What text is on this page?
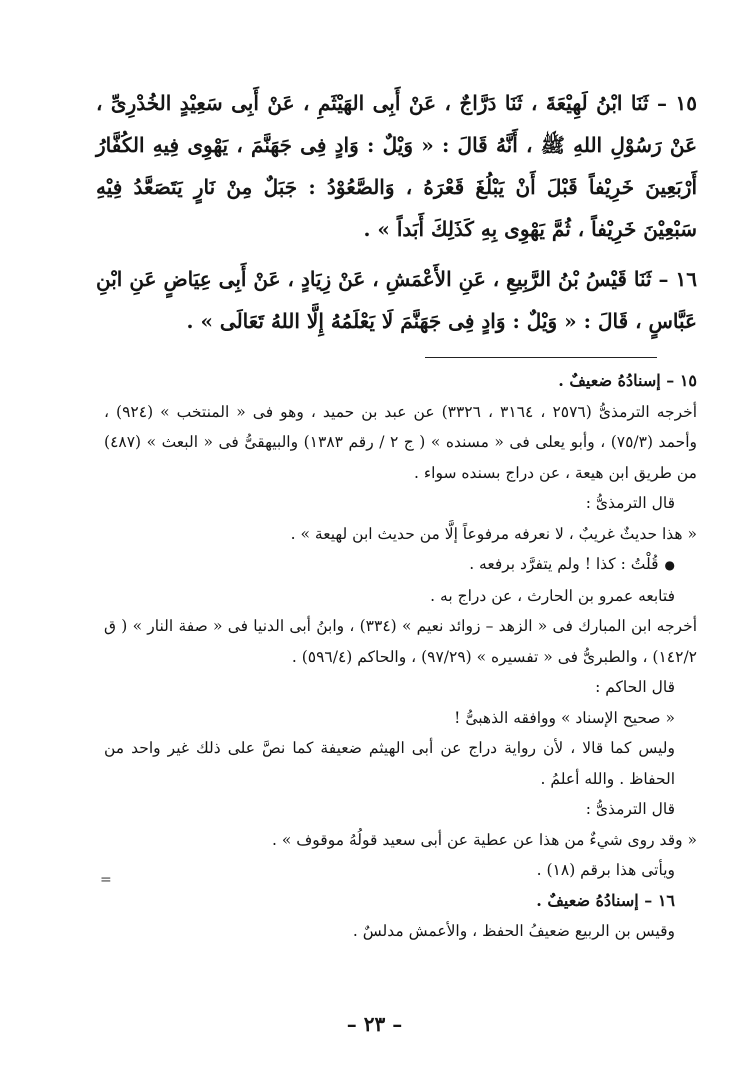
١٥ – ثَنَا ابْنُ لَهِيْعَةَ ، ثَنَا دَرَّاجٌ ، عَنْ أَبِى الهَيْثَمِ ، عَنْ أَبِى سَعِيْدٍ الخُدْرِىِّ ، عَنْ رَسُوْلِ اللهِ ﷺ ، أَنَّهُ قَالَ : « وَيْلٌ : وَادٍ فِى جَهَنَّمَ ، يَهْوِى فِيهِ الكُفَّارُ أَرْبَعِينَ خَرِيْفاً قَبْلَ أَنْ يَبْلُغَ قَعْرَهُ ، وَالصَّعُوْدُ : جَبَلٌ مِنْ نَارٍ يَتَصَعَّدُ فِيْهِ سَبْعِيْنَ خَرِيْفاً ، ثُمَّ يَهْوِى بِهِ كَذَلِكَ أَبَداً » .

١٦ – ثَنَا قَيْسُ بْنُ الرَّبِيعِ ، عَنِ الأَعْمَشِ ، عَنْ زِيَادٍ ، عَنْ أَبِى عِيَاضٍ عَنِ ابْنِ عَبَّاسٍ ، قَالَ : « وَيْلٌ : وَادٍ فِى جَهَنَّمَ لَا يَعْلَمُهُ إِلَّا اللهُ تَعَالَى » .

١٥ – إسنادُهُ ضعيفٌ .

أخرجه الترمذىُّ (٢٥٧٦ ، ٣١٦٤ ، ٣٣٢٦) عن عبد بن حميد ، وهو فى « المنتخب » (٩٢٤) ، وأحمد (٧٥/٣) ، وأبو يعلى فى « مسنده » ( ج ٢ / رقم ١٣٨٣) والبيهقىُّ فى « البعث » (٤٨٧) من طريق ابن هيعة ، عن دراج بسنده سواء .

قال الترمذىُّ :

« هذا حديثٌ غريبٌ ، لا نعرفه مرفوعاً إلَّا من حديث ابن لهيعة » .

● قُلْتُ : كذا ! ولم يتفرَّد برفعه .

فتابعه عمرو بن الحارث ، عن دراج به .

أخرجه ابن المبارك فى « الزهد – زوائد نعيم » (٣٣٤) ، وابنُ أبى الدنيا فى « صفة النار » ( ق ١٤٢/٢) ، والطبرىُّ فى « تفسيره » (٩٧/٢٩) ، والحاكم (٥٩٦/٤) .

قال الحاكم :

« صحيح الإسناد » ووافقه الذهبىُّ !

وليس كما قالا ، لأن رواية دراج عن أبى الهيثم ضعيفة كما نصَّ على ذلك غير واحد من الحفاظ . والله أعلمُ .

قال الترمذىُّ :

« وقد روى شيءٌ من هذا عن عطية عن أبى سعيد قولُهُ موقوف » .

ويأتى هذا برقم (١٨) .

١٦ – إسنادُهُ ضعيفٌ .

وقيس بن الربيع ضعيفُ الحفظ ، والأعمش مدلسٌ .

=
– ٢٣ –
